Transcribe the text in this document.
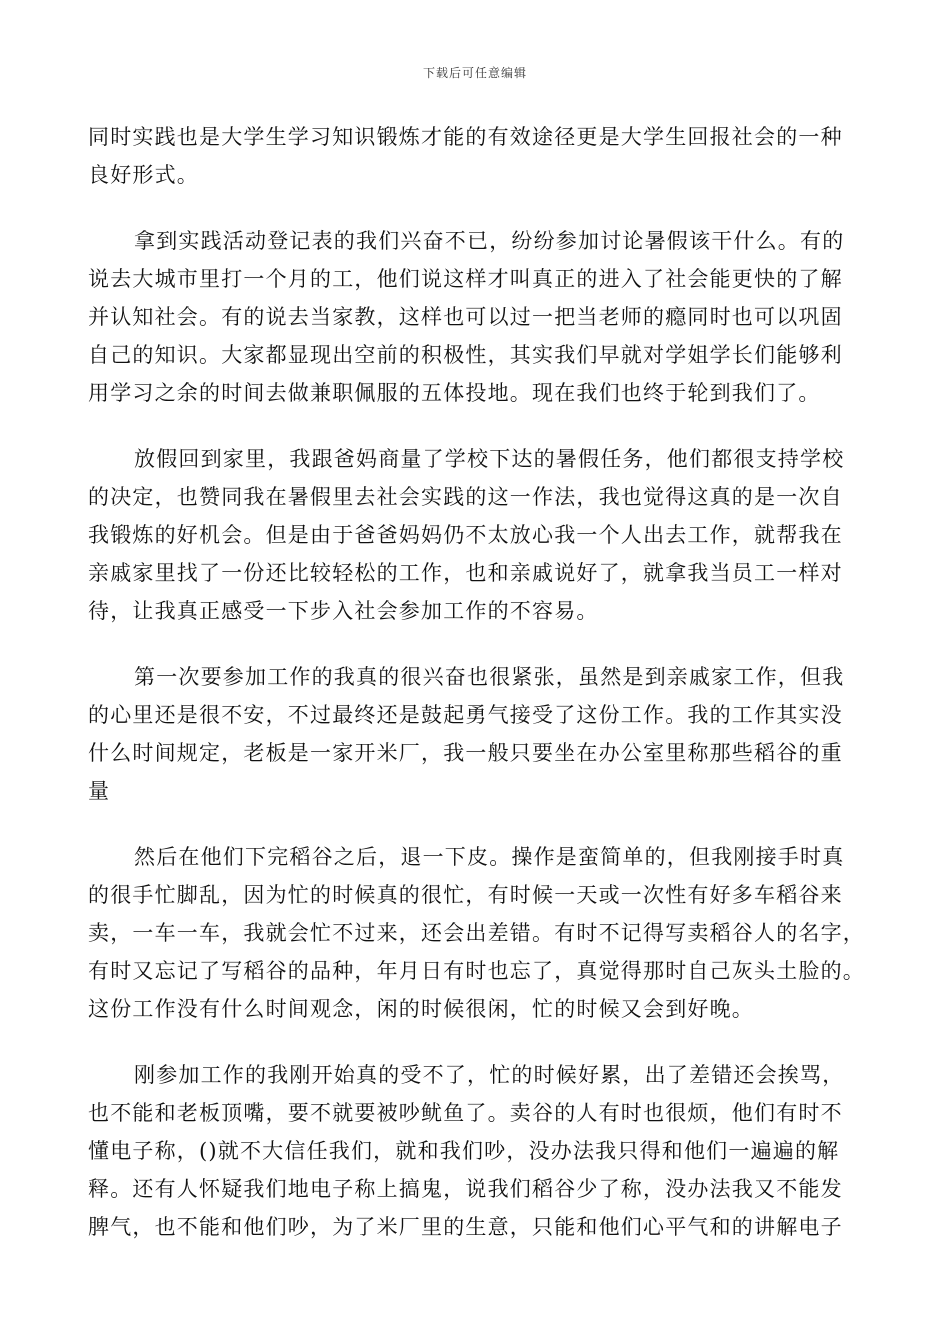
下载后可任意编辑

同时实践也是大学生学习知识锻炼才能的有效途径更是大学生回报社会的一种
良好形式。

拿到实践活动登记表的我们兴奋不已，纷纷参加讨论暑假该干什么。有的
说去大城市里打一个月的工，他们说这样才叫真正的进入了社会能更快的了解
并认知社会。有的说去当家教，这样也可以过一把当老师的瘾同时也可以巩固
自己的知识。大家都显现出空前的积极性，其实我们早就对学姐学长们能够利
用学习之余的时间去做兼职佩服的五体投地。现在我们也终于轮到我们了。

放假回到家里，我跟爸妈商量了学校下达的暑假任务，他们都很支持学校
的决定，也赞同我在暑假里去社会实践的这一作法，我也觉得这真的是一次自
我锻炼的好机会。但是由于爸爸妈妈仍不太放心我一个人出去工作，就帮我在
亲戚家里找了一份还比较轻松的工作，也和亲戚说好了，就拿我当员工一样对
待，让我真正感受一下步入社会参加工作的不容易。

第一次要参加工作的我真的很兴奋也很紧张，虽然是到亲戚家工作，但我
的心里还是很不安，不过最终还是鼓起勇气接受了这份工作。我的工作其实没
什么时间规定，老板是一家开米厂，我一般只要坐在办公室里称那些稻谷的重
量

然后在他们下完稻谷之后，退一下皮。操作是蛮简单的，但我刚接手时真
的很手忙脚乱，因为忙的时候真的很忙，有时候一天或一次性有好多车稻谷来
卖，一车一车，我就会忙不过来，还会出差错。有时不记得写卖稻谷人的名字，
有时又忘记了写稻谷的品种，年月日有时也忘了，真觉得那时自己灰头土脸的。
这份工作没有什么时间观念，闲的时候很闲，忙的时候又会到好晚。

刚参加工作的我刚开始真的受不了，忙的时候好累，出了差错还会挨骂，
也不能和老板顶嘴，要不就要被吵鱿鱼了。卖谷的人有时也很烦，他们有时不
懂电子称，()就不大信任我们，就和我们吵，没办法我只得和他们一遍遍的解
释。还有人怀疑我们地电子称上搞鬼，说我们稻谷少了称，没办法我又不能发
脾气，也不能和他们吵，为了米厂里的生意，只能和他们心平气和的讲解电子
